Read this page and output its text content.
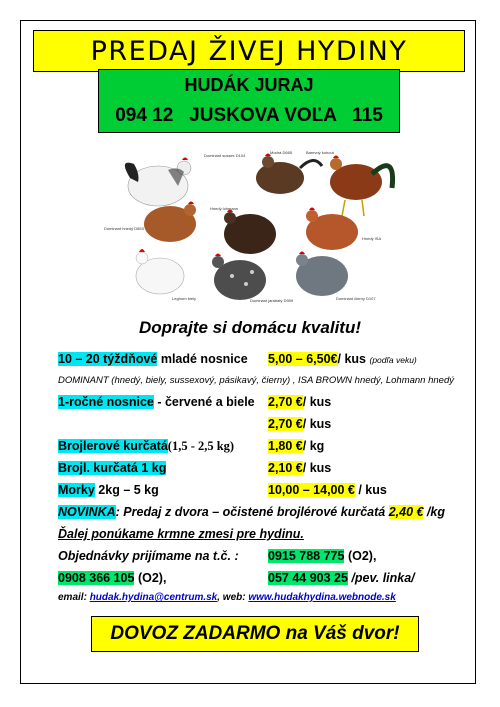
PREDAJ ŽIVEJ HYDINY
HUDÁK JURAJ
094 12   JUSKOVA VOĽA   115
Dominant sussex D104
Modrá D665	Barevný kohout
Dominant hnedý D853
Hnedý lohmann
Hnedý ISA
Leghorn biely	Dominant jarabatý D959	Dominant čierny D107
Doprajte si domácu kvalitu!
10 – 20 týždňové mladé nosnice 5,00 – 6,50€/ kus (podľa veku)
DOMINANT (hnedý, biely, sussexový, pásikavý, čierny) , ISA BROWN hnedý, Lohmann hnedý
1-ročné nosnice - červené a biele 2,70 €/ kus
2,70 €/ kus
Brojlerové kurčatá(1,5 - 2,5 kg)	1,80 €/ kg
Brojl. kurčatá 1 kg	2,10 €/ kus
Morky 2kg – 5 kg	10,00 – 14,00 € / kus
NOVINKA: Predaj z dvora – očistené brojlérové kurčatá 2,40 € /kg
Ďalej ponúkame krmne zmesi pre hydinu.
Objednávky prijímame na t.č. : 0915 788 775 (O2),
0908 366 105 (O2),	057 44 903 25 /pev. linka/
email: hudak.hydina@centrum.sk, web: www.hudakhydina.webnode.sk
DOVOZ ZADARMO na Váš dvor!
